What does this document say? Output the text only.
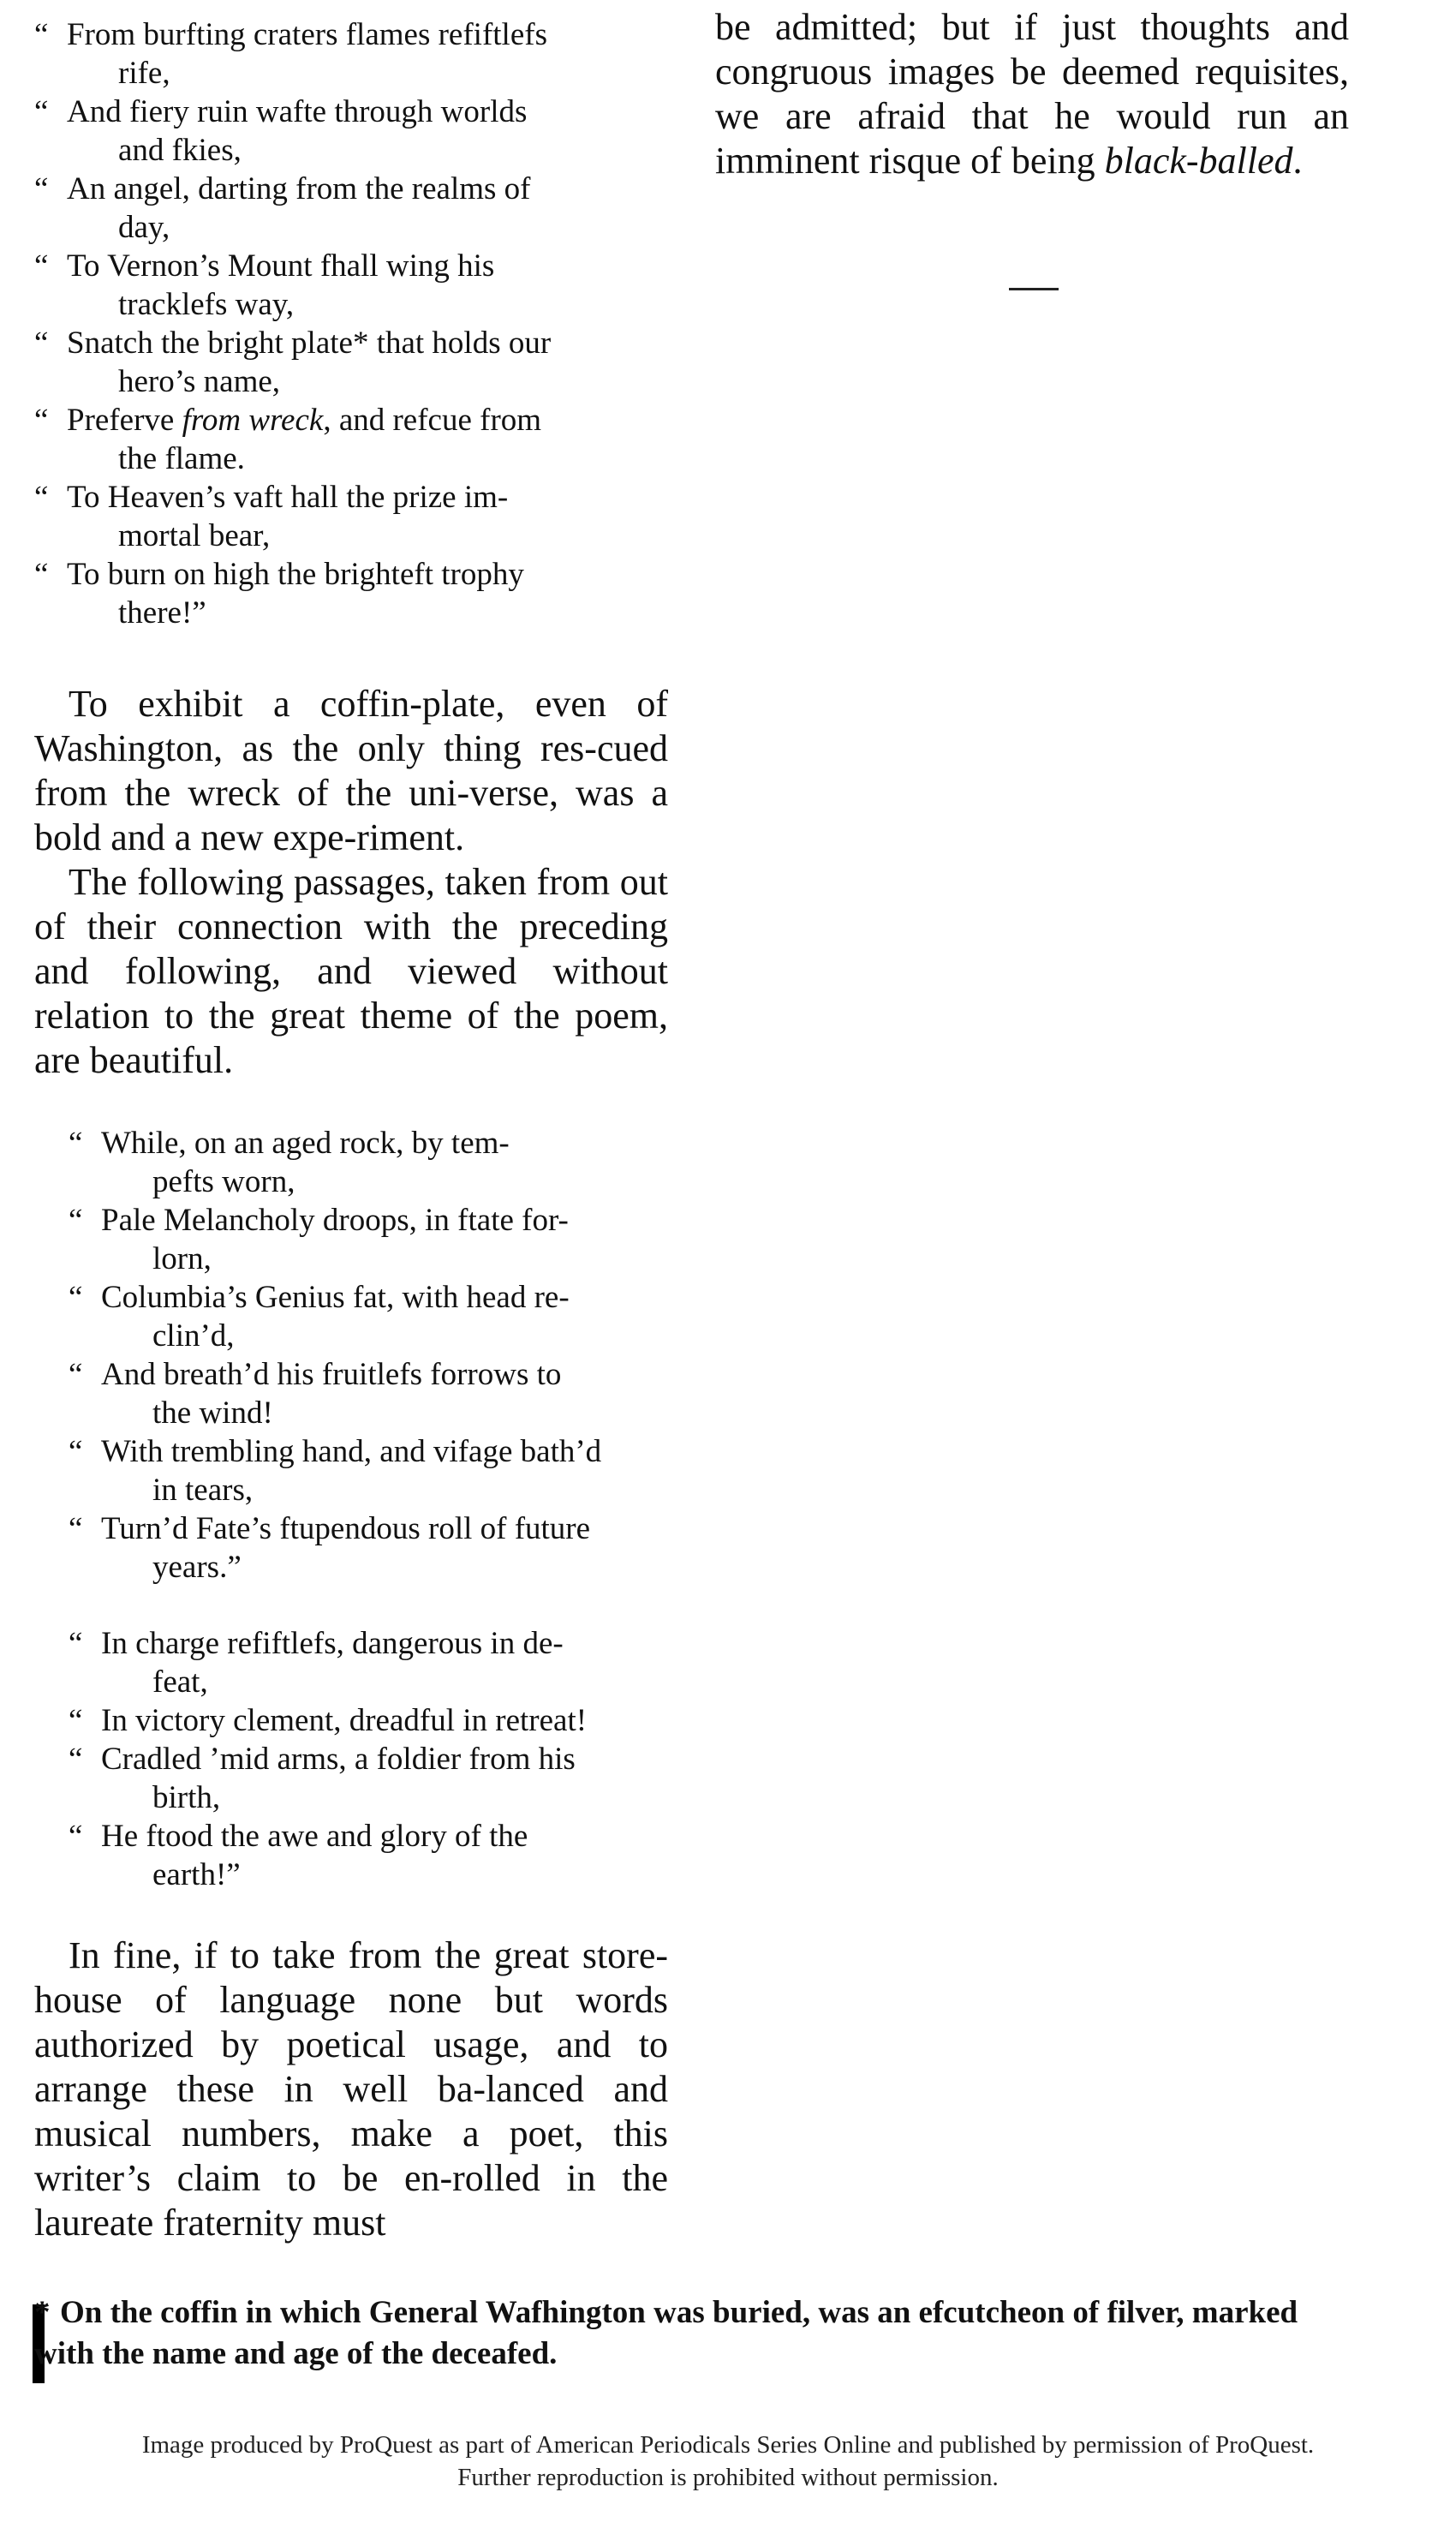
“ From burfting craters flames refiftlefs
rife,
“ And fiery ruin wafte through worlds
and fkies,
“ An angel, darting from the realms of
day,
“ To Vernon’s Mount fhall wing his
tracklefs way,
“ Snatch the bright plate* that holds our
hero’s name,
“ Preferve from wreck, and refcue from
the flame.
“ To Heaven’s vaft hall the prize im-
mortal bear,
“ To burn on high the brighteft trophy
there!”

To exhibit a coffin-plate, even of Washington, as the only thing res-cued from the wreck of the uni-verse, was a bold and a new expe-riment.

The following passages, taken from out of their connection with the preceding and following, and viewed without relation to the great theme of the poem, are beautiful.

“ While, on an aged rock, by tem-
pefts worn,
“ Pale Melancholy droops, in ftate for-
lorn,
“ Columbia’s Genius fat, with head re-
clin’d,
“ And breath’d his fruitlefs forrows to
the wind!
“ With trembling hand, and vifage bath’d
in tears,
“ Turn’d Fate’s ftupendous roll of future
years.”
“ In charge refiftlefs, dangerous in de-
feat,
“ In victory clement, dreadful in retreat!
“ Cradled ’mid arms, a foldier from his
birth,
“ He ftood the awe and glory of the
earth!”

In fine, if to take from the great store-house of language none but words authorized by poetical usage, and to arrange these in well ba-lanced and musical numbers, make a poet, this writer’s claim to be en-rolled in the laureate fraternity must

be admitted; but if just thoughts and congruous images be deemed requisites, we are afraid that he would run an imminent risque of being black-balled.

* On the coffin in which General Wafhington was buried, was an efcutcheon of filver, marked with the name and age of the deceafed.
Image produced by ProQuest as part of American Periodicals Series Online and published by permission of ProQuest.
Further reproduction is prohibited without permission.
